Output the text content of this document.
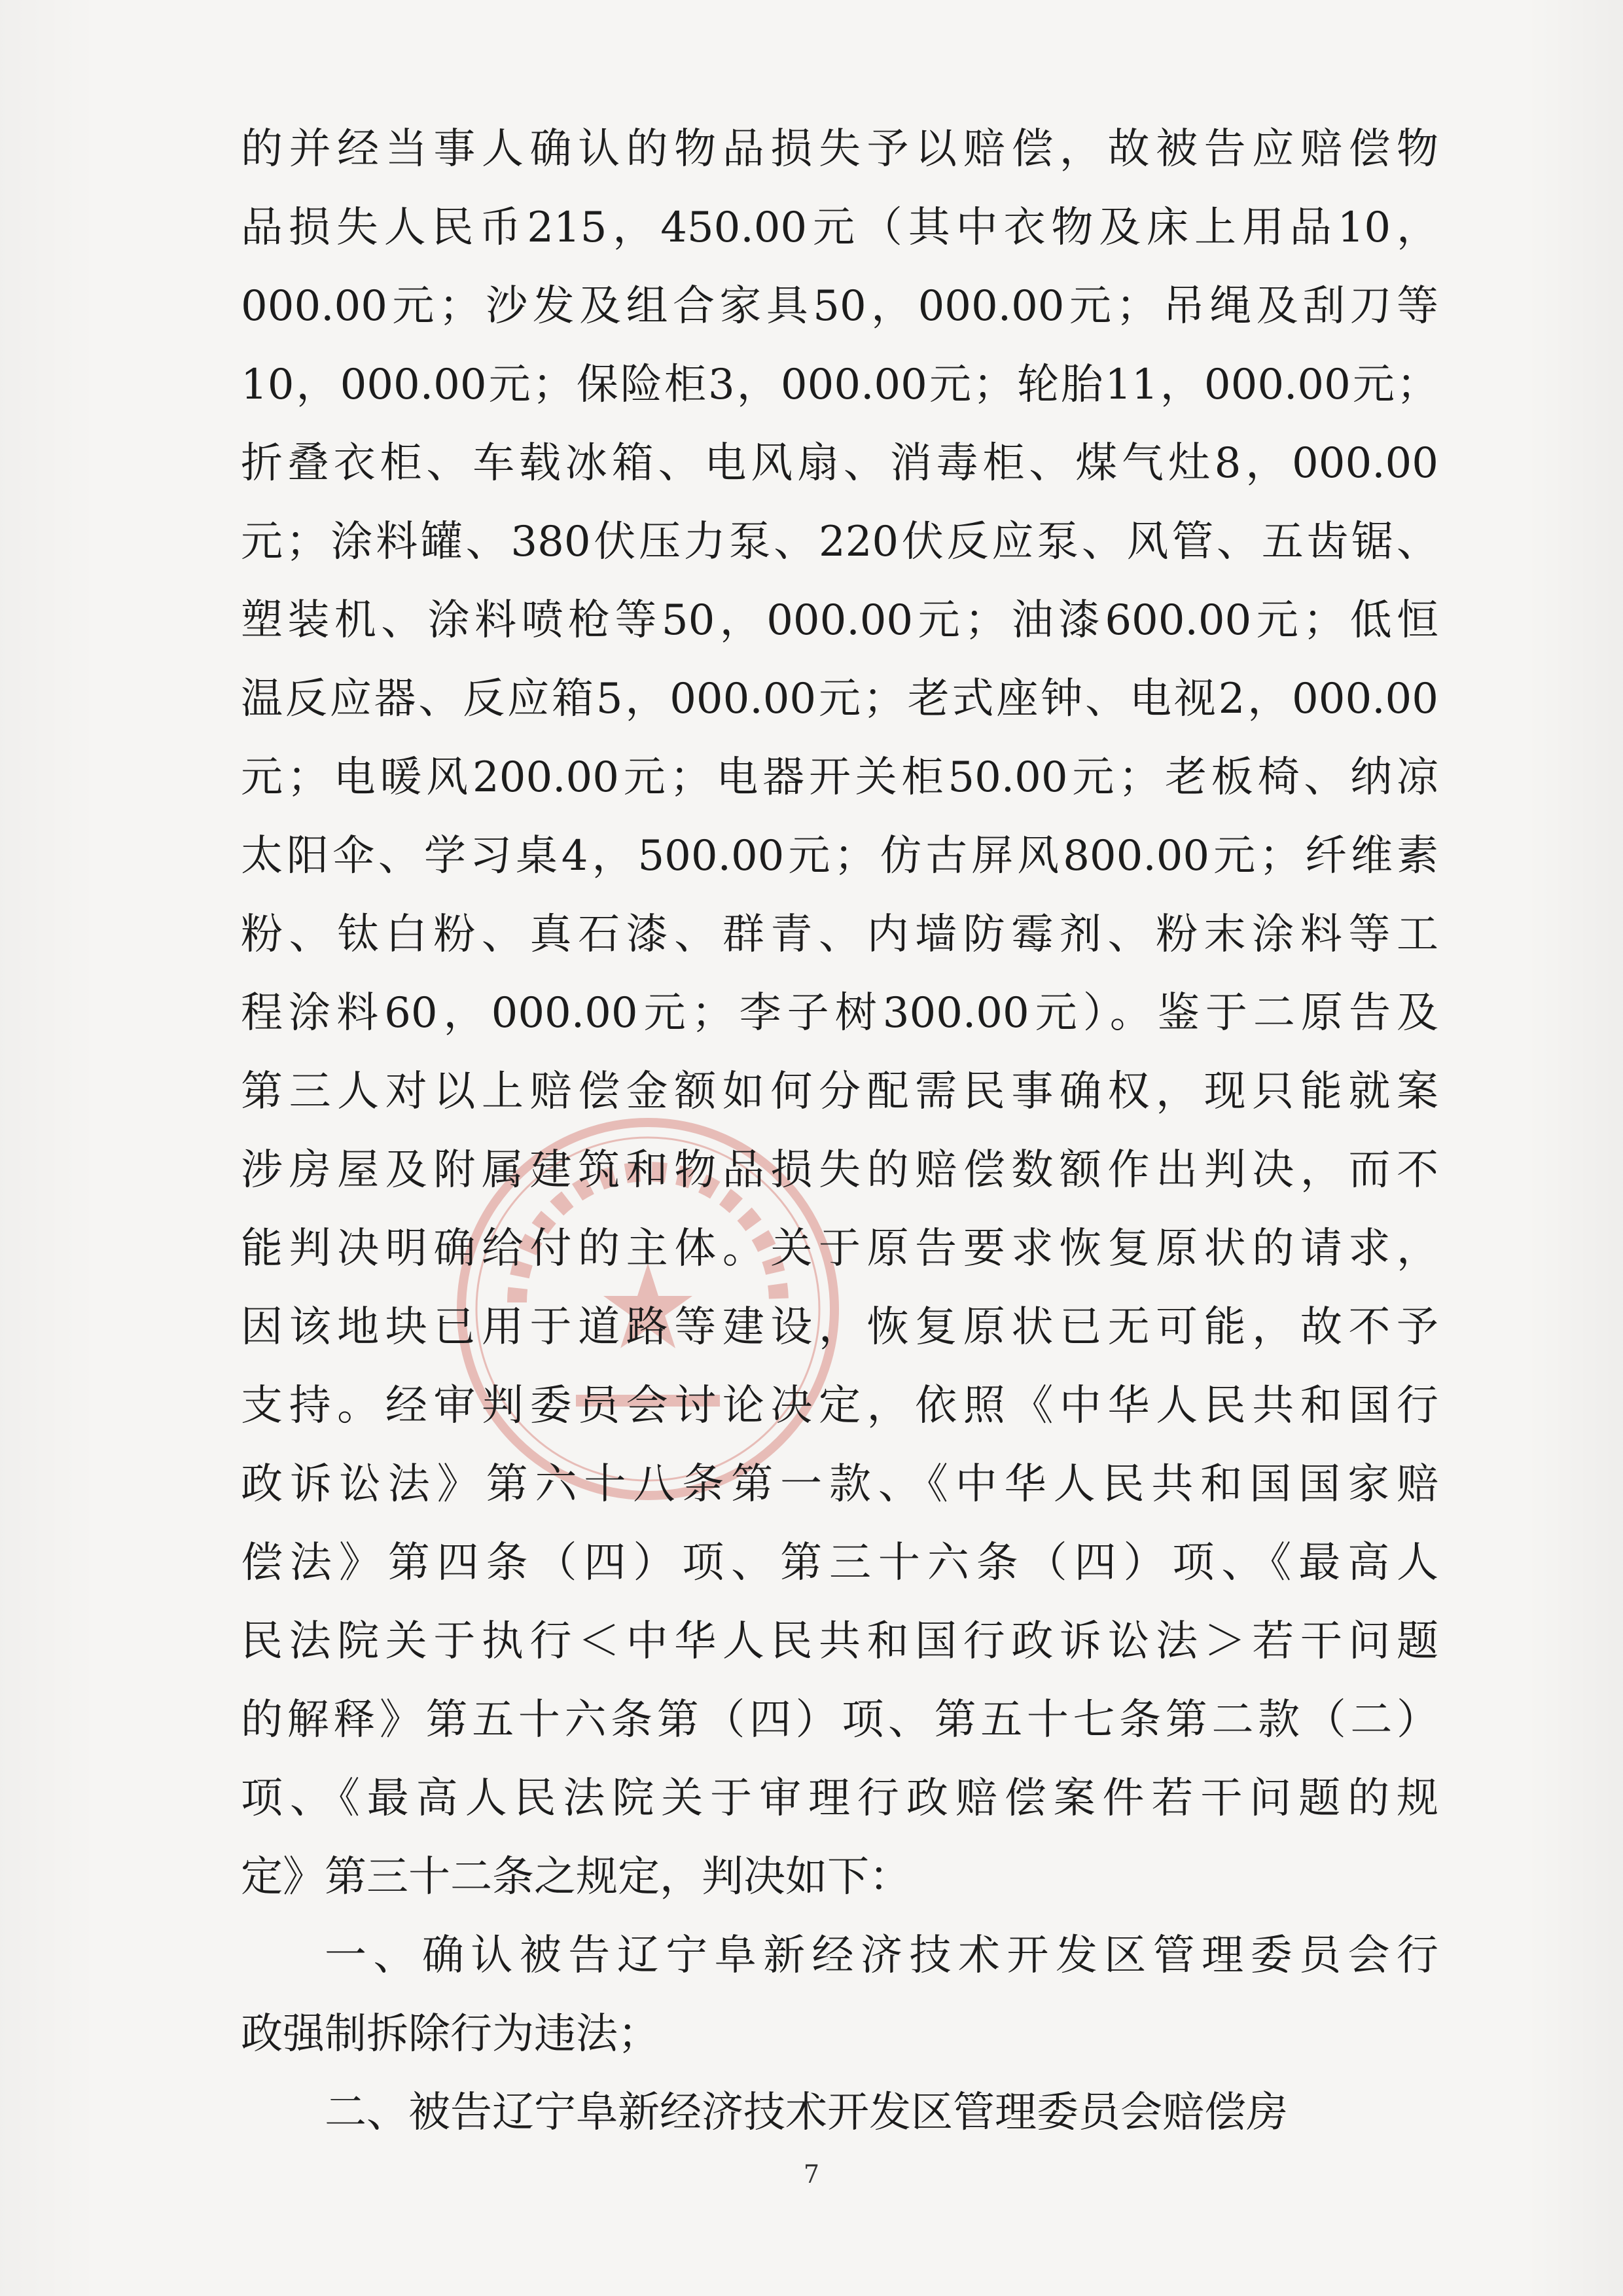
的并经当事人确认的物品损失予以赔偿，故被告应赔偿物
品损失人民币215，450.00元（其中衣物及床上用品10，
000.00元；沙发及组合家具50，000.00元；吊绳及刮刀等
10，000.00元；保险柜3，000.00元；轮胎11，000.00元；
折叠衣柜、车载冰箱、电风扇、消毒柜、煤气灶8，000.00
元；涂料罐、380伏压力泵、220伏反应泵、风管、五齿锯、
塑装机、涂料喷枪等50，000.00元；油漆600.00元；低恒
温反应器、反应箱5，000.00元；老式座钟、电视2，000.00
元；电暖风200.00元；电器开关柜50.00元；老板椅、纳凉
太阳伞、学习桌4，500.00元；仿古屏风800.00元；纤维素
粉、钛白粉、真石漆、群青、内墙防霉剂、粉末涂料等工
程涂料60，000.00元；李子树300.00元）。鉴于二原告及
第三人对以上赔偿金额如何分配需民事确权，现只能就案
涉房屋及附属建筑和物品损失的赔偿数额作出判决，而不
能判决明确给付的主体。关于原告要求恢复原状的请求，
因该地块已用于道路等建设，恢复原状已无可能，故不予
支持。经审判委员会讨论决定，依照《中华人民共和国行
政诉讼法》第六十八条第一款、《中华人民共和国国家赔
偿法》第四条（四）项、第三十六条（四）项、《最高人
民法院关于执行＜中华人民共和国行政诉讼法＞若干问题
的解释》第五十六条第（四）项、第五十七条第二款（二）
项、《最高人民法院关于审理行政赔偿案件若干问题的规
定》第三十二条之规定，判决如下：
一、确认被告辽宁阜新经济技术开发区管理委员会行
政强制拆除行为违法；
二、被告辽宁阜新经济技术开发区管理委员会赔偿房
7
